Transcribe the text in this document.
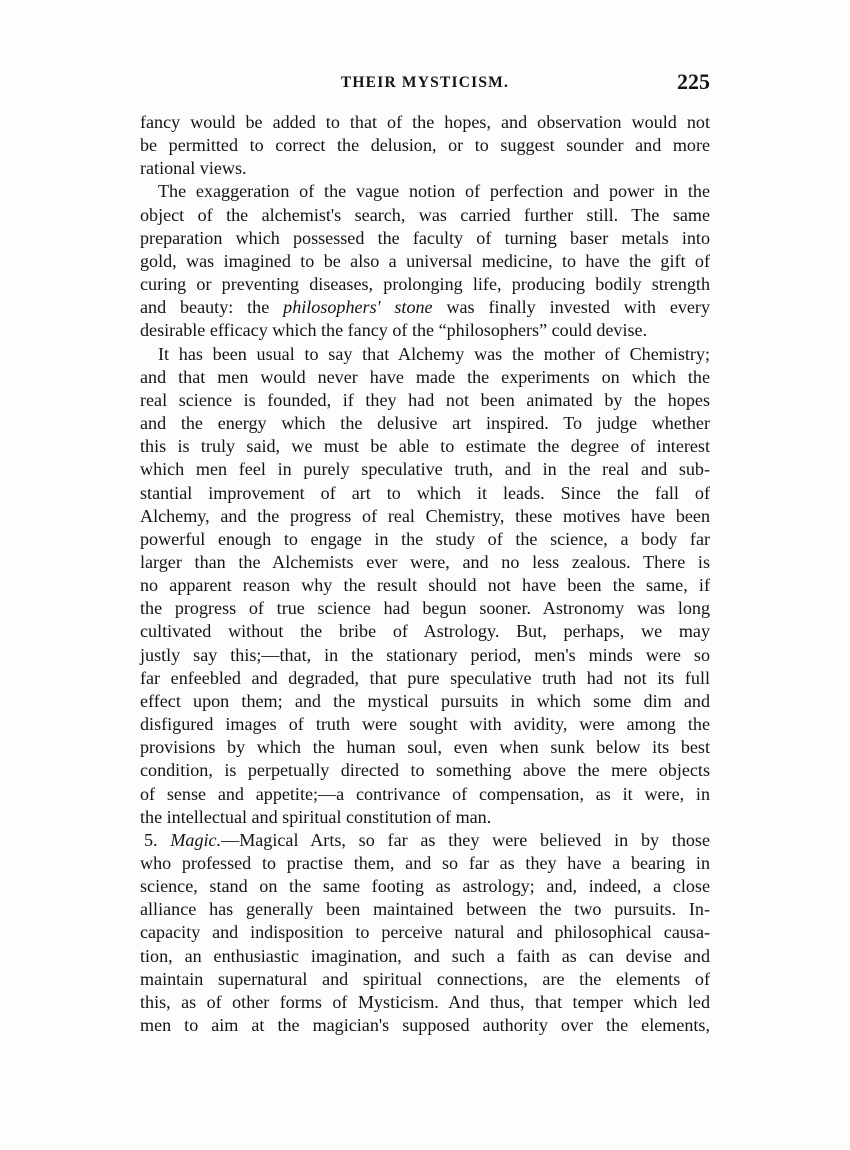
THEIR MYSTICISM.	225
fancy would be added to that of the hopes, and observation would not
be permitted to correct the delusion, or to suggest sounder and more
rational views.
The exaggeration of the vague notion of perfection and power in the
object of the alchemist's search, was carried further still. The same
preparation which possessed the faculty of turning baser metals into
gold, was imagined to be also a universal medicine, to have the gift of
curing or preventing diseases, prolonging life, producing bodily strength
and beauty: the philosophers' stone was finally invested with every
desirable efficacy which the fancy of the “philosophers” could devise.
It has been usual to say that Alchemy was the mother of Chemistry;
and that men would never have made the experiments on which the
real science is founded, if they had not been animated by the hopes
and the energy which the delusive art inspired. To judge whether
this is truly said, we must be able to estimate the degree of interest
which men feel in purely speculative truth, and in the real and sub-
stantial improvement of art to which it leads. Since the fall of
Alchemy, and the progress of real Chemistry, these motives have been
powerful enough to engage in the study of the science, a body far
larger than the Alchemists ever were, and no less zealous. There is
no apparent reason why the result should not have been the same, if
the progress of true science had begun sooner. Astronomy was long
cultivated without the bribe of Astrology. But, perhaps, we may
justly say this;—that, in the stationary period, men's minds were so
far enfeebled and degraded, that pure speculative truth had not its full
effect upon them; and the mystical pursuits in which some dim and
disfigured images of truth were sought with avidity, were among the
provisions by which the human soul, even when sunk below its best
condition, is perpetually directed to something above the mere objects
of sense and appetite;—a contrivance of compensation, as it were, in
the intellectual and spiritual constitution of man.
5. Magic.—Magical Arts, so far as they were believed in by those
who professed to practise them, and so far as they have a bearing in
science, stand on the same footing as astrology; and, indeed, a close
alliance has generally been maintained between the two pursuits. In-
capacity and indisposition to perceive natural and philosophical causa-
tion, an enthusiastic imagination, and such a faith as can devise and
maintain supernatural and spiritual connections, are the elements of
this, as of other forms of Mysticism. And thus, that temper which led
men to aim at the magician's supposed authority over the elements,
